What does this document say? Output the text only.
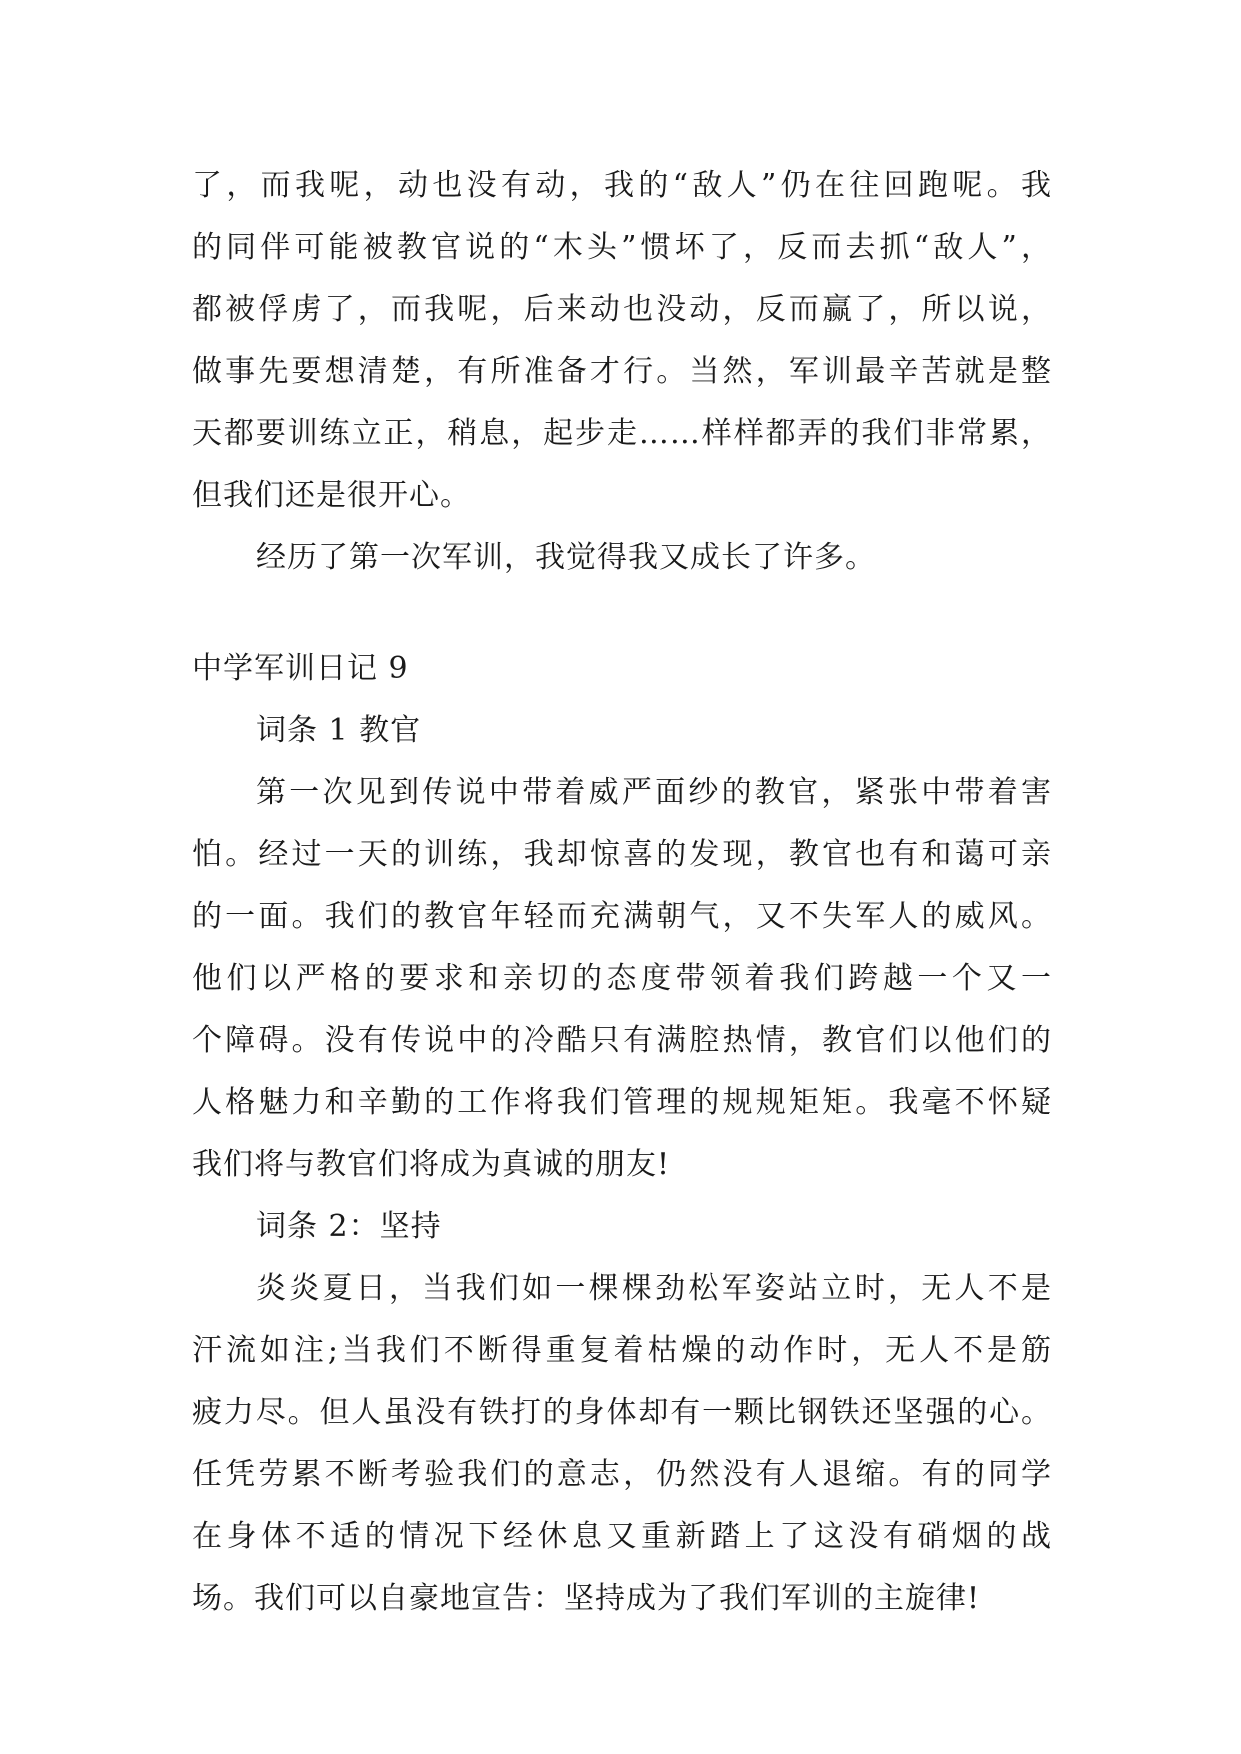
了，而我呢，动也没有动，我的“敌人”仍在往回跑呢。我
的同伴可能被教官说的“木头”惯坏了，反而去抓“敌人”，
都被俘虏了，而我呢，后来动也没动，反而赢了，所以说，
做事先要想清楚，有所准备才行。当然，军训最辛苦就是整
天都要训练立正，稍息，起步走……样样都弄的我们非常累，
但我们还是很开心。
经历了第一次军训，我觉得我又成长了许多。
中学军训日记 9
词条 1 教官
第一次见到传说中带着威严面纱的教官，紧张中带着害
怕。经过一天的训练，我却惊喜的发现，教官也有和蔼可亲
的一面。我们的教官年轻而充满朝气，又不失军人的威风。
他们以严格的要求和亲切的态度带领着我们跨越一个又一
个障碍。没有传说中的冷酷只有满腔热情，教官们以他们的
人格魅力和辛勤的工作将我们管理的规规矩矩。我毫不怀疑
我们将与教官们将成为真诚的朋友!
词条 2：坚持
炎炎夏日，当我们如一棵棵劲松军姿站立时，无人不是
汗流如注;当我们不断得重复着枯燥的动作时，无人不是筋
疲力尽。但人虽没有铁打的身体却有一颗比钢铁还坚强的心。
任凭劳累不断考验我们的意志，仍然没有人退缩。有的同学
在身体不适的情况下经休息又重新踏上了这没有硝烟的战
场。我们可以自豪地宣告：坚持成为了我们军训的主旋律!
